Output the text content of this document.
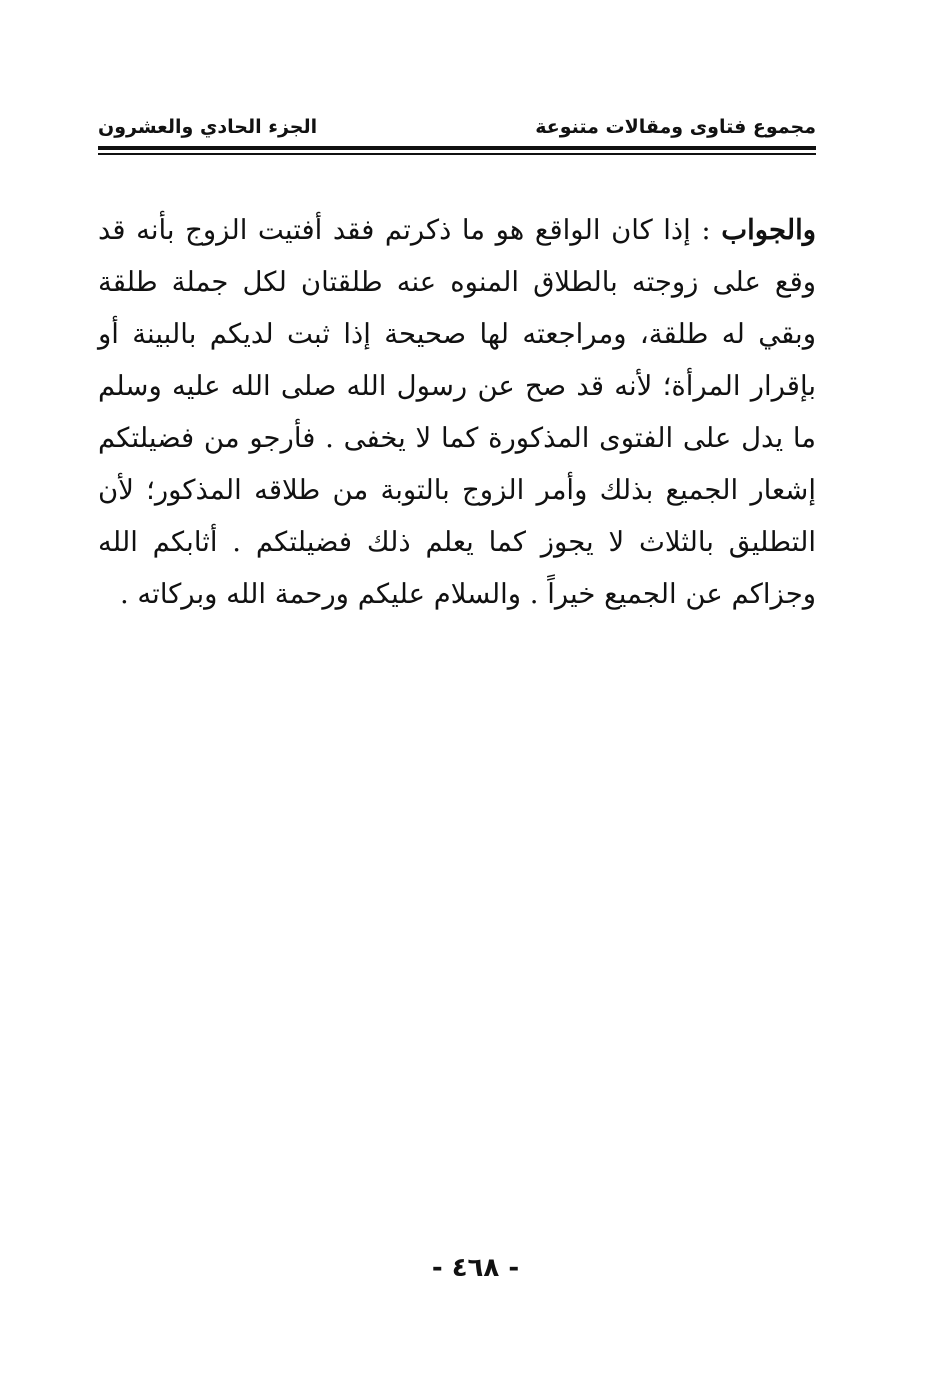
مجموع فتاوى ومقالات متنوعة
الجزء الحادي والعشرون

والجواب : إذا كان الواقع هو ما ذكرتم فقد أفتيت الزوج بأنه قد وقع على زوجته بالطلاق المنوه عنه طلقتان لكل جملة طلقة وبقي له طلقة، ومراجعته لها صحيحة إذا ثبت لديكم بالبينة أو بإقرار المرأة؛ لأنه قد صح عن رسول الله صلى الله عليه وسلم ما يدل على الفتوى المذكورة كما لا يخفى . فأرجو من فضيلتكم إشعار الجميع بذلك وأمر الزوج بالتوبة من طلاقه المذكور؛ لأن التطليق بالثلاث لا يجوز كما يعلم ذلك فضيلتكم . أثابكم الله وجزاكم عن الجميع خيراً . والسلام عليكم ورحمة الله وبركاته .

- ٤٦٨ -
